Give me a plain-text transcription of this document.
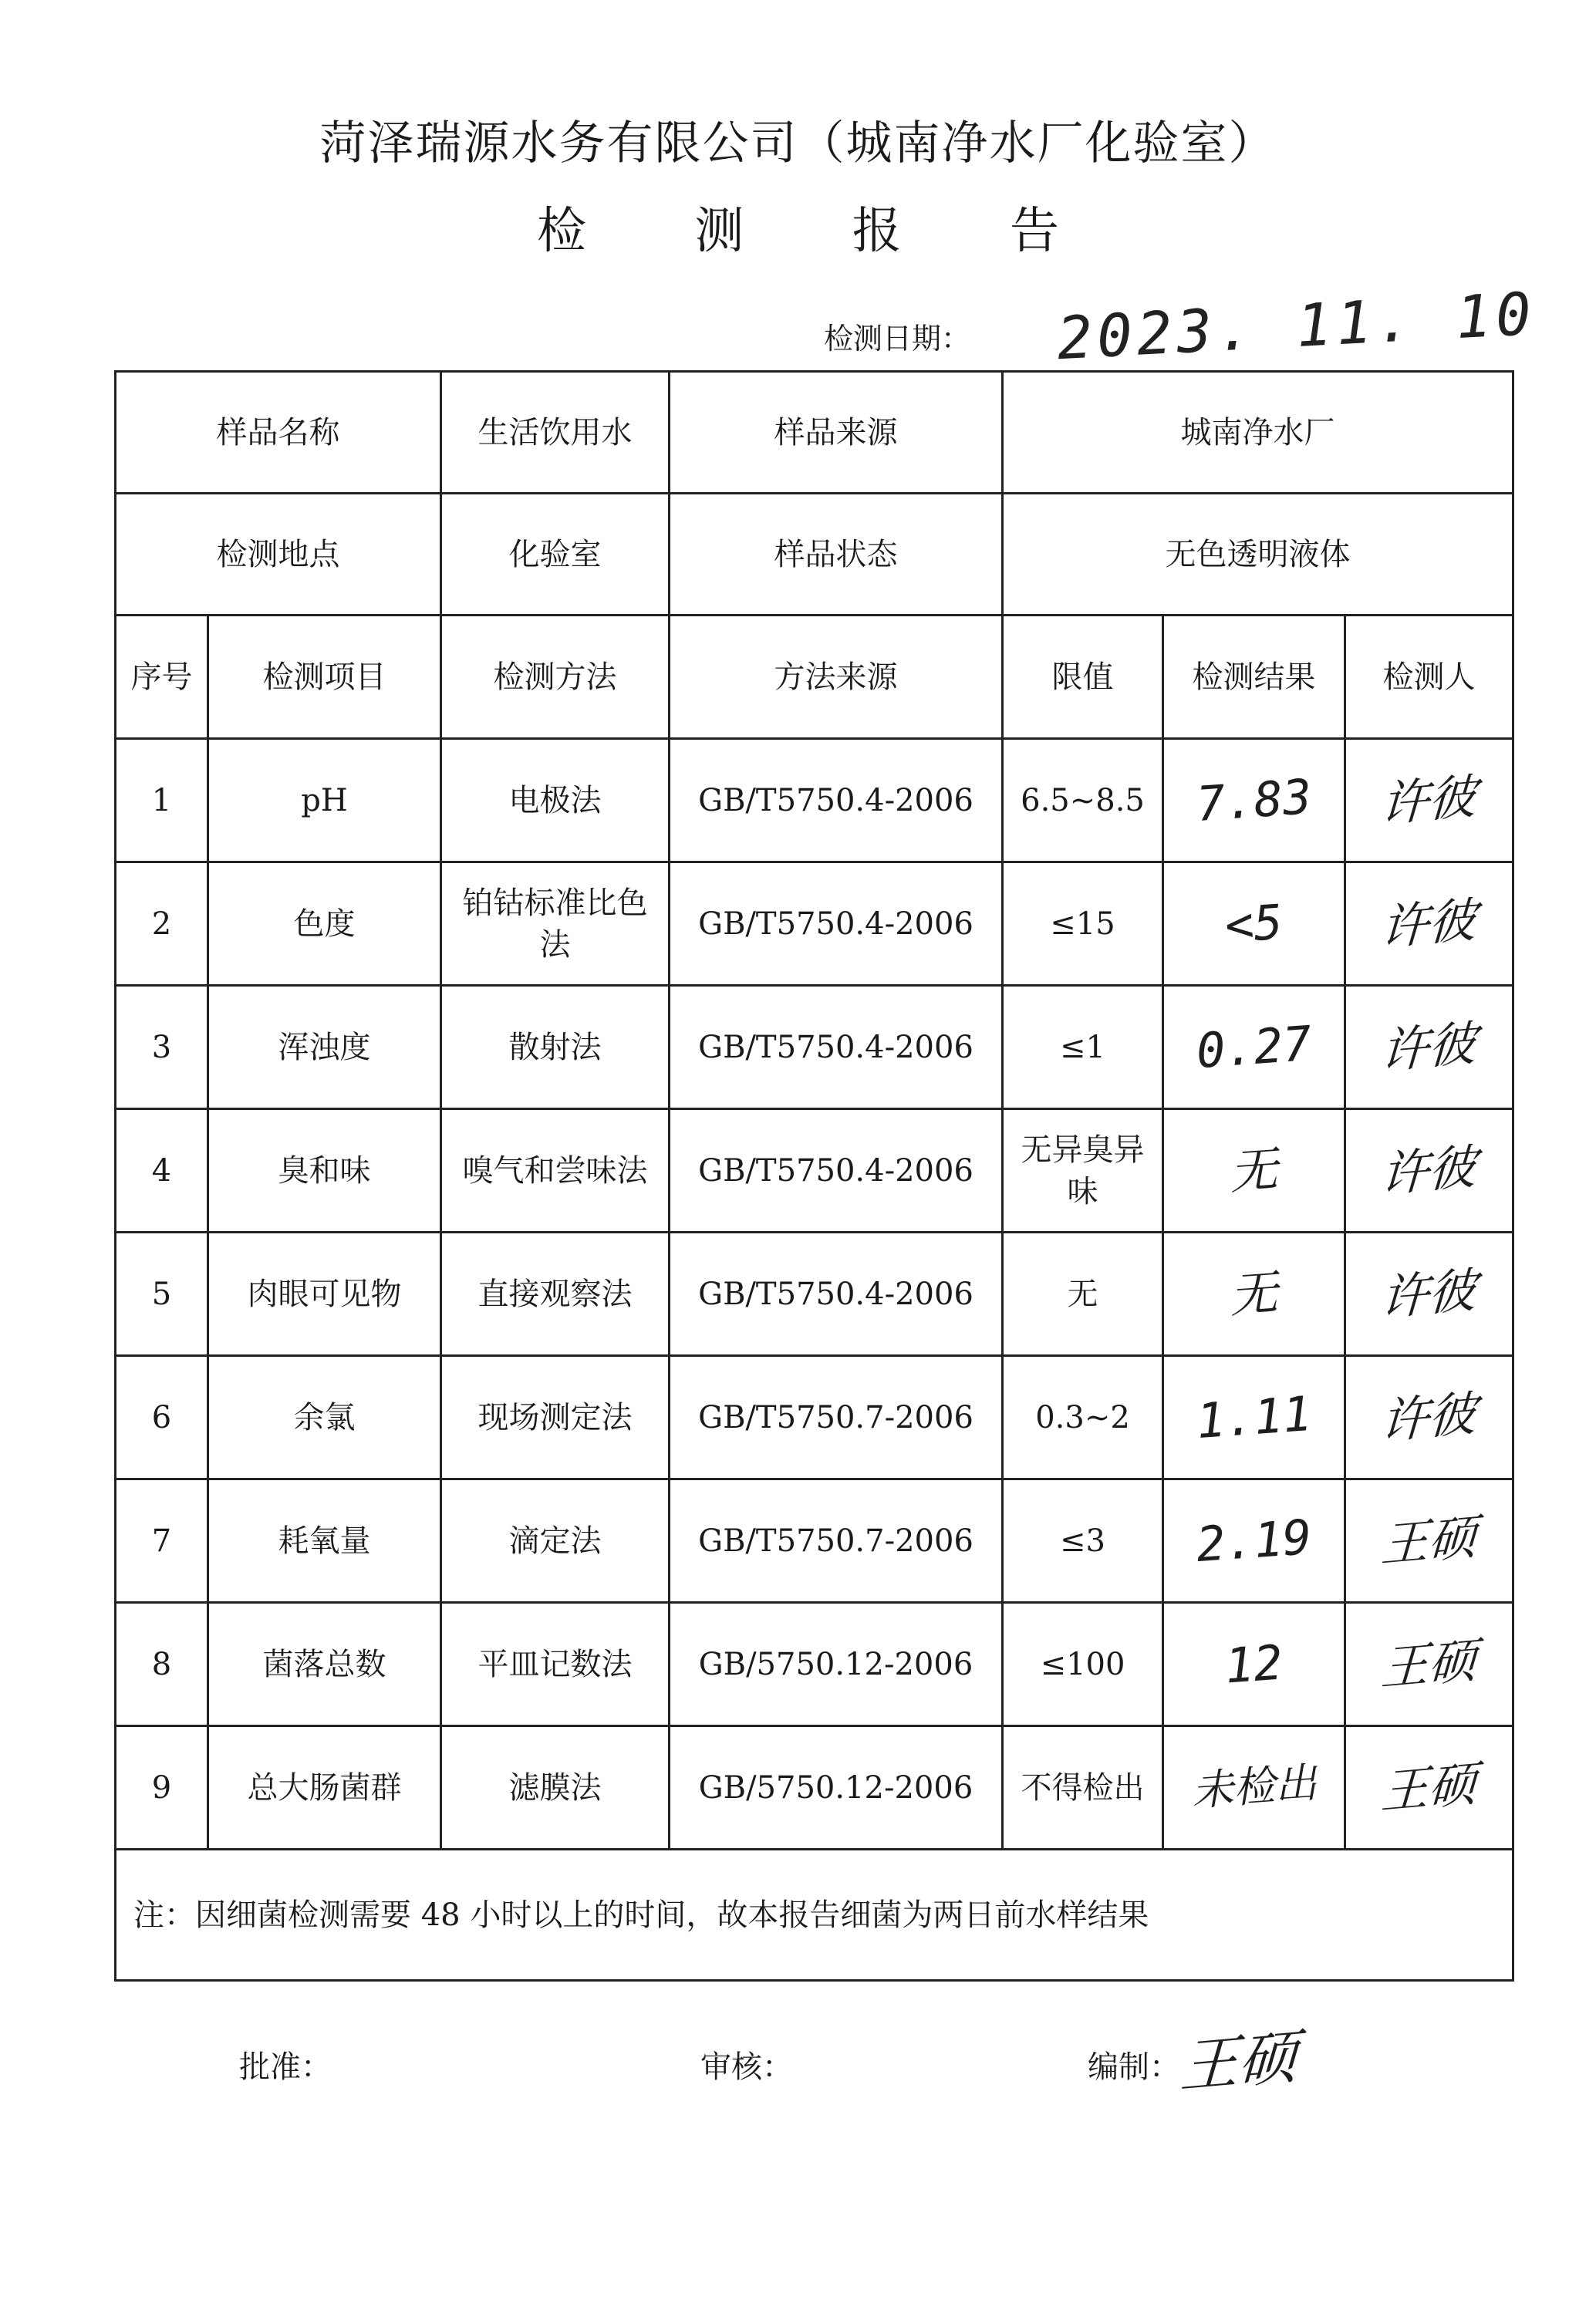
菏泽瑞源水务有限公司（城南净水厂化验室）
检 测 报 告
检测日期： 2023. 11. 10
样品名称		生活饮用水	样品来源	城南净水厂		
检测地点		化验室	样品状态	无色透明液体		
序号	检测项目	检测方法	方法来源	限值	检测结果	检测人
1	pH	电极法	GB/T5750.4-2006	6.5~8.5	7.83	许彼
2	色度	铂钴标准比色法	GB/T5750.4-2006	≤15	<5	许彼
3	浑浊度	散射法	GB/T5750.4-2006	≤1	0.27	许彼
4	臭和味	嗅气和尝味法	GB/T5750.4-2006	无异臭异味	无	许彼
5	肉眼可见物	直接观察法	GB/T5750.4-2006	无	无	许彼
6	余氯	现场测定法	GB/T5750.7-2006	0.3~2	1.11	许彼
7	耗氧量	滴定法	GB/T5750.7-2006	≤3	2.19	王硕
8	菌落总数	平皿记数法	GB/5750.12-2006	≤100	12	王硕
9	总大肠菌群	滤膜法	GB/5750.12-2006	不得检出	未检出	王硕
注：因细菌检测需要 48 小时以上的时间，故本报告细菌为两日前水样结果						
批准：	审核：	编制：
王硕
